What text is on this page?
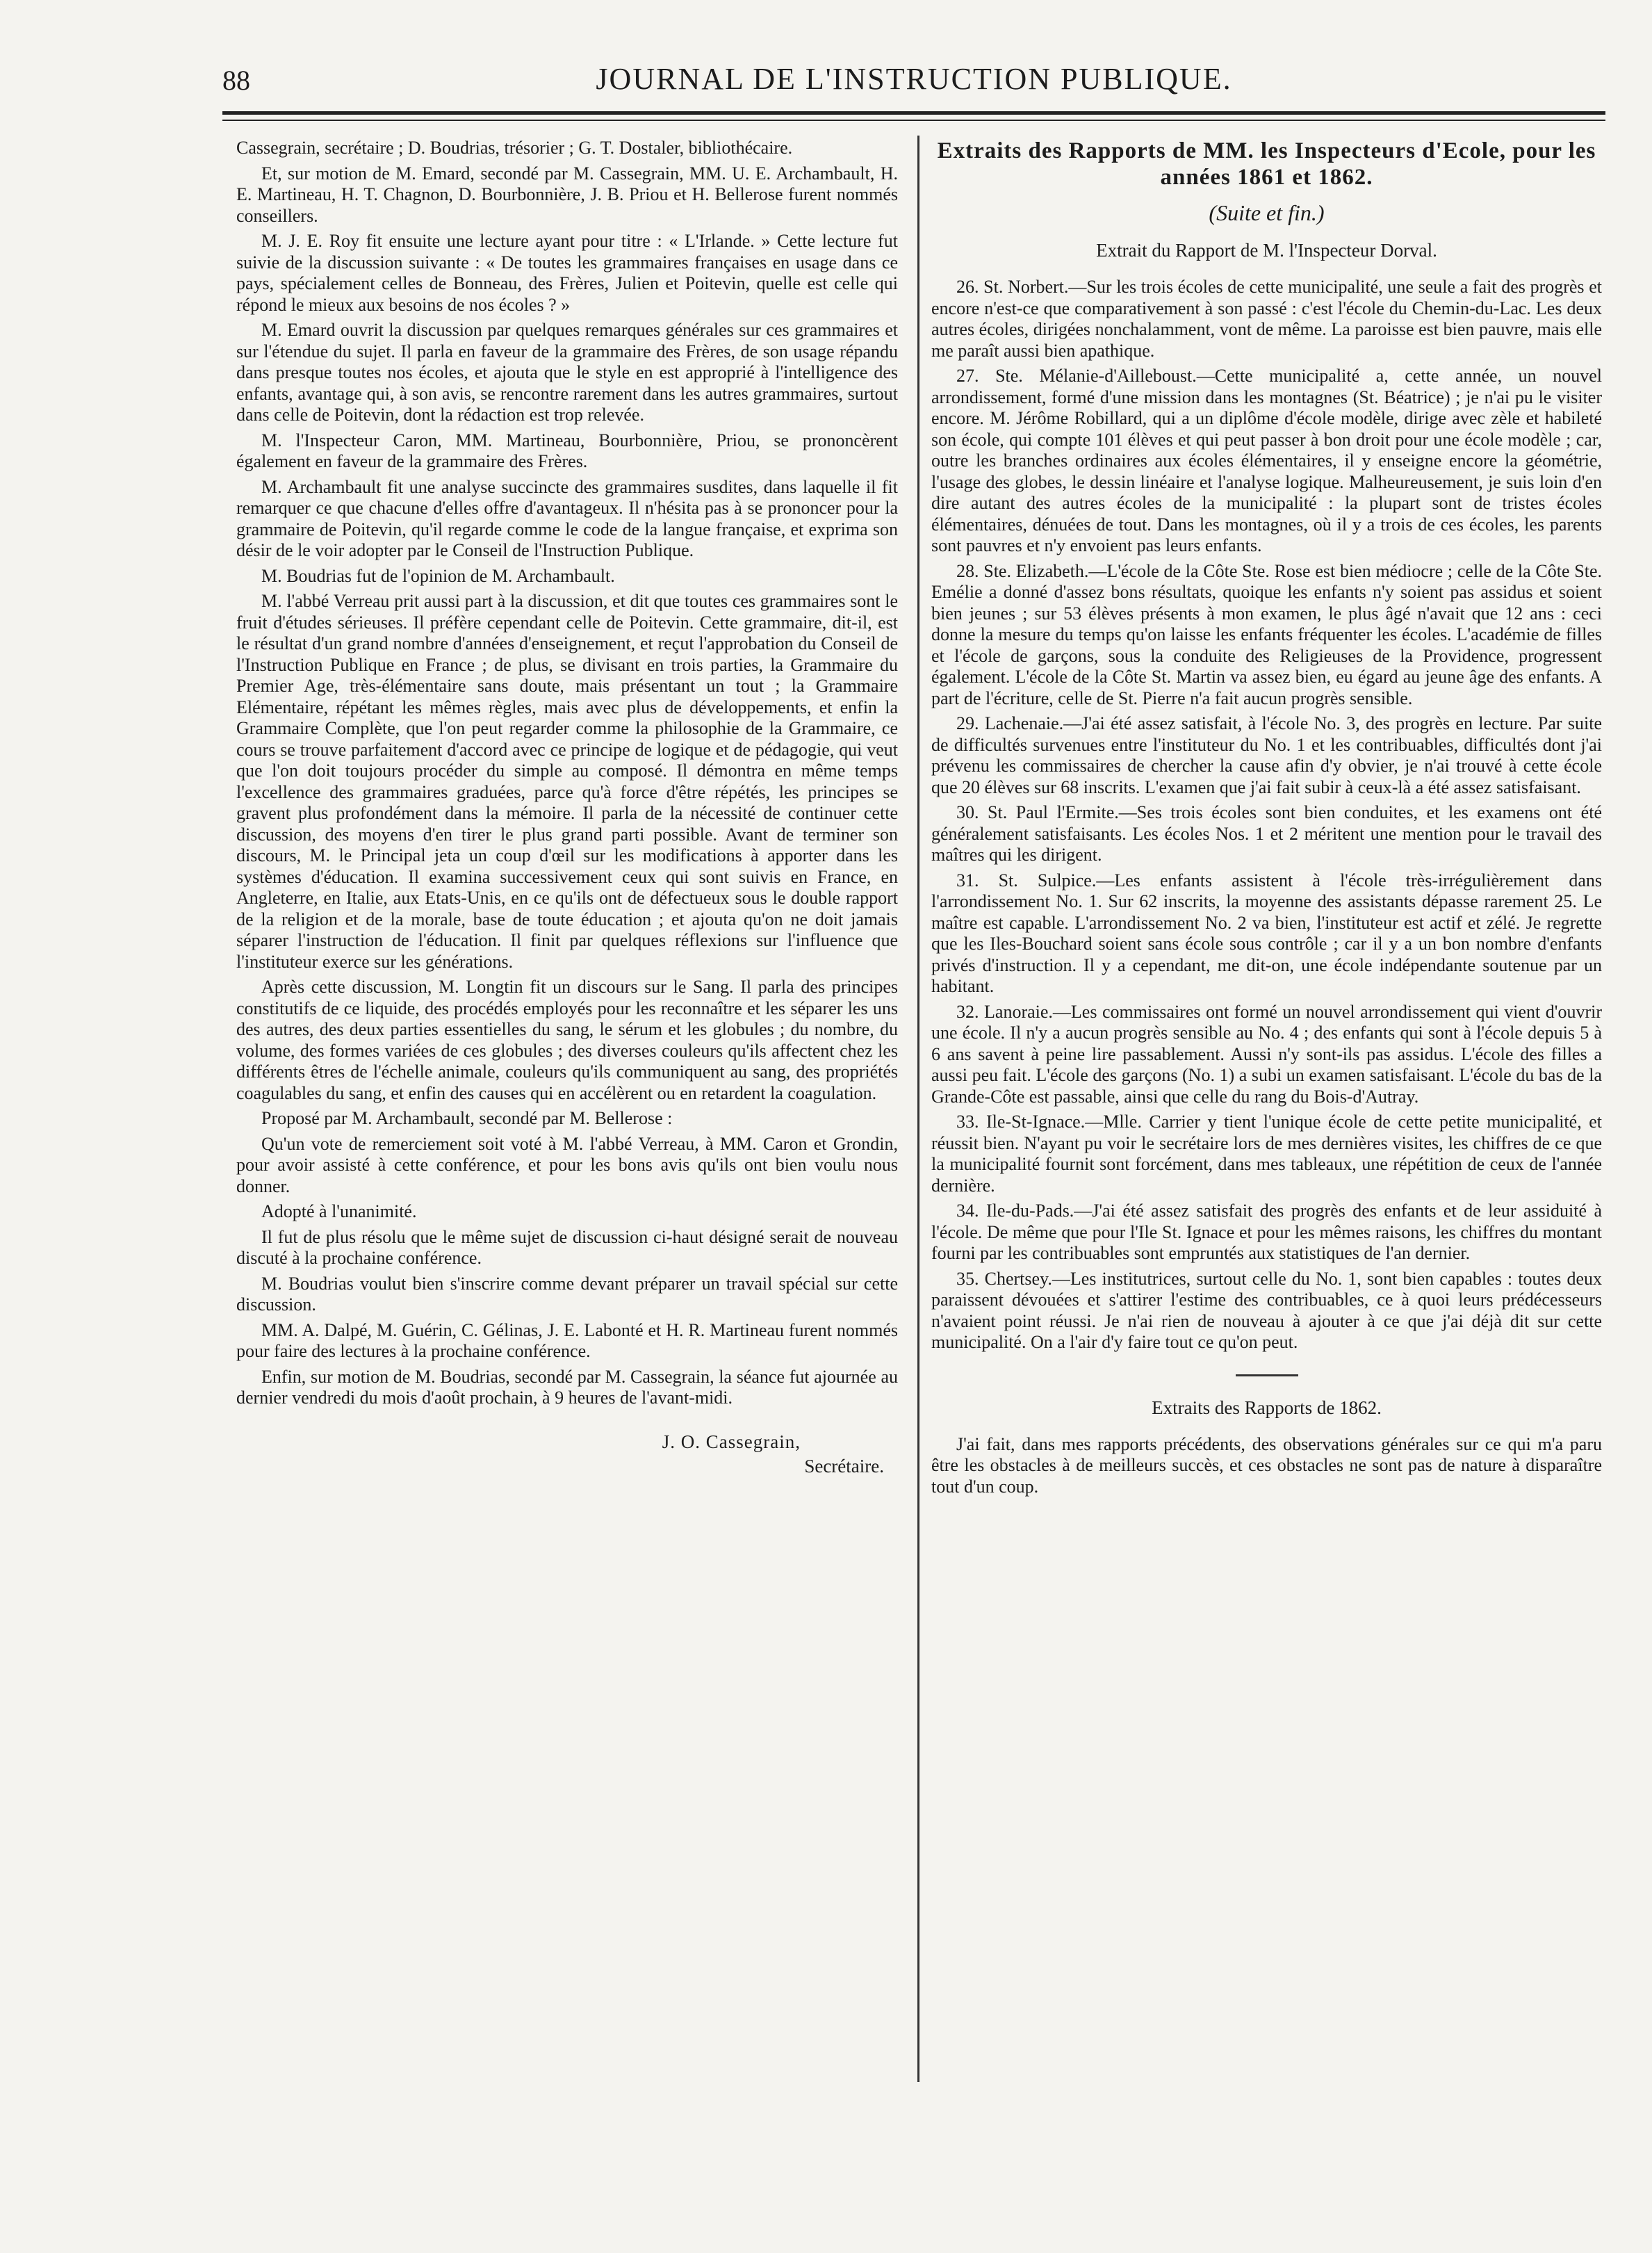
88	JOURNAL DE L'INSTRUCTION PUBLIQUE.

Cassegrain, secrétaire ; D. Boudrias, trésorier ; G. T. Dostaler, bibliothécaire.

Et, sur motion de M. Emard, secondé par M. Cassegrain, MM. U. E. Archambault, H. E. Martineau, H. T. Chagnon, D. Bourbonnière, J. B. Priou et H. Bellerose furent nommés conseillers.

M. J. E. Roy fit ensuite une lecture ayant pour titre : « L'Irlande. » Cette lecture fut suivie de la discussion suivante : « De toutes les grammaires françaises en usage dans ce pays, spécialement celles de Bonneau, des Frères, Julien et Poitevin, quelle est celle qui répond le mieux aux besoins de nos écoles ? »

M. Emard ouvrit la discussion par quelques remarques générales sur ces grammaires et sur l'étendue du sujet. Il parla en faveur de la grammaire des Frères, de son usage répandu dans presque toutes nos écoles, et ajouta que le style en est approprié à l'intelligence des enfants, avantage qui, à son avis, se rencontre rarement dans les autres grammaires, surtout dans celle de Poitevin, dont la rédaction est trop relevée.

M. l'Inspecteur Caron, MM. Martineau, Bourbonnière, Priou, se prononcèrent également en faveur de la grammaire des Frères.

M. Archambault fit une analyse succincte des grammaires susdites, dans laquelle il fit remarquer ce que chacune d'elles offre d'avantageux. Il n'hésita pas à se prononcer pour la grammaire de Poitevin, qu'il regarde comme le code de la langue française, et exprima son désir de le voir adopter par le Conseil de l'Instruction Publique.

M. Boudrias fut de l'opinion de M. Archambault.

M. l'abbé Verreau prit aussi part à la discussion, et dit que toutes ces grammaires sont le fruit d'études sérieuses. Il préfère cependant celle de Poitevin. Cette grammaire, dit-il, est le résultat d'un grand nombre d'années d'enseignement, et reçut l'approbation du Conseil de l'Instruction Publique en France ; de plus, se divisant en trois parties, la Grammaire du Premier Age, très-élémentaire sans doute, mais présentant un tout ; la Grammaire Elémentaire, répétant les mêmes règles, mais avec plus de développements, et enfin la Grammaire Complète, que l'on peut regarder comme la philosophie de la Grammaire, ce cours se trouve parfaitement d'accord avec ce principe de logique et de pédagogie, qui veut que l'on doit toujours procéder du simple au composé. Il démontra en même temps l'excellence des grammaires graduées, parce qu'à force d'être répétés, les principes se gravent plus profondément dans la mémoire. Il parla de la nécessité de continuer cette discussion, des moyens d'en tirer le plus grand parti possible. Avant de terminer son discours, M. le Principal jeta un coup d'œil sur les modifications à apporter dans les systèmes d'éducation. Il examina successivement ceux qui sont suivis en France, en Angleterre, en Italie, aux Etats-Unis, en ce qu'ils ont de défectueux sous le double rapport de la religion et de la morale, base de toute éducation ; et ajouta qu'on ne doit jamais séparer l'instruction de l'éducation. Il finit par quelques réflexions sur l'influence que l'instituteur exerce sur les générations.

Après cette discussion, M. Longtin fit un discours sur le Sang. Il parla des principes constitutifs de ce liquide, des procédés employés pour les reconnaître et les séparer les uns des autres, des deux parties essentielles du sang, le sérum et les globules ; du nombre, du volume, des formes variées de ces globules ; des diverses couleurs qu'ils affectent chez les différents êtres de l'échelle animale, couleurs qu'ils communiquent au sang, des propriétés coagulables du sang, et enfin des causes qui en accélèrent ou en retardent la coagulation.

Proposé par M. Archambault, secondé par M. Bellerose :

Qu'un vote de remerciement soit voté à M. l'abbé Verreau, à MM. Caron et Grondin, pour avoir assisté à cette conférence, et pour les bons avis qu'ils ont bien voulu nous donner.

Adopté à l'unanimité.

Il fut de plus résolu que le même sujet de discussion ci-haut désigné serait de nouveau discuté à la prochaine conférence.

M. Boudrias voulut bien s'inscrire comme devant préparer un travail spécial sur cette discussion.

MM. A. Dalpé, M. Guérin, C. Gélinas, J. E. Labonté et H. R. Martineau furent nommés pour faire des lectures à la prochaine conférence.

Enfin, sur motion de M. Boudrias, secondé par M. Cassegrain, la séance fut ajournée au dernier vendredi du mois d'août prochain, à 9 heures de l'avant-midi.

J. O. Cassegrain,
Secrétaire.
Extraits des Rapports de MM. les Inspecteurs d'Ecole, pour les années 1861 et 1862.
(Suite et fin.)
Extrait du Rapport de M. l'Inspecteur Dorval.

26. St. Norbert.—Sur les trois écoles de cette municipalité, une seule a fait des progrès et encore n'est-ce que comparativement à son passé : c'est l'école du Chemin-du-Lac. Les deux autres écoles, dirigées nonchalamment, vont de même. La paroisse est bien pauvre, mais elle me paraît aussi bien apathique.

27. Ste. Mélanie-d'Ailleboust.—Cette municipalité a, cette année, un nouvel arrondissement, formé d'une mission dans les montagnes (St. Béatrice) ; je n'ai pu le visiter encore. M. Jérôme Robillard, qui a un diplôme d'école modèle, dirige avec zèle et habileté son école, qui compte 101 élèves et qui peut passer à bon droit pour une école modèle ; car, outre les branches ordinaires aux écoles élémentaires, il y enseigne encore la géométrie, l'usage des globes, le dessin linéaire et l'analyse logique. Malheureusement, je suis loin d'en dire autant des autres écoles de la municipalité : la plupart sont de tristes écoles élémentaires, dénuées de tout. Dans les montagnes, où il y a trois de ces écoles, les parents sont pauvres et n'y envoient pas leurs enfants.

28. Ste. Elizabeth.—L'école de la Côte Ste. Rose est bien médiocre ; celle de la Côte Ste. Emélie a donné d'assez bons résultats, quoique les enfants n'y soient pas assidus et soient bien jeunes ; sur 53 élèves présents à mon examen, le plus âgé n'avait que 12 ans : ceci donne la mesure du temps qu'on laisse les enfants fréquenter les écoles. L'académie de filles et l'école de garçons, sous la conduite des Religieuses de la Providence, progressent également. L'école de la Côte St. Martin va assez bien, eu égard au jeune âge des enfants. A part de l'écriture, celle de St. Pierre n'a fait aucun progrès sensible.

29. Lachenaie.—J'ai été assez satisfait, à l'école No. 3, des progrès en lecture. Par suite de difficultés survenues entre l'instituteur du No. 1 et les contribuables, difficultés dont j'ai prévenu les commissaires de chercher la cause afin d'y obvier, je n'ai trouvé à cette école que 20 élèves sur 68 inscrits. L'examen que j'ai fait subir à ceux-là a été assez satisfaisant.

30. St. Paul l'Ermite.—Ses trois écoles sont bien conduites, et les examens ont été généralement satisfaisants. Les écoles Nos. 1 et 2 méritent une mention pour le travail des maîtres qui les dirigent.

31. St. Sulpice.—Les enfants assistent à l'école très-irrégulièrement dans l'arrondissement No. 1. Sur 62 inscrits, la moyenne des assistants dépasse rarement 25. Le maître est capable. L'arrondissement No. 2 va bien, l'instituteur est actif et zélé. Je regrette que les Iles-Bouchard soient sans école sous contrôle ; car il y a un bon nombre d'enfants privés d'instruction. Il y a cependant, me dit-on, une école indépendante soutenue par un habitant.

32. Lanoraie.—Les commissaires ont formé un nouvel arrondissement qui vient d'ouvrir une école. Il n'y a aucun progrès sensible au No. 4 ; des enfants qui sont à l'école depuis 5 à 6 ans savent à peine lire passablement. Aussi n'y sont-ils pas assidus. L'école des filles a aussi peu fait. L'école des garçons (No. 1) a subi un examen satisfaisant. L'école du bas de la Grande-Côte est passable, ainsi que celle du rang du Bois-d'Autray.

33. Ile-St-Ignace.—Mlle. Carrier y tient l'unique école de cette petite municipalité, et réussit bien. N'ayant pu voir le secrétaire lors de mes dernières visites, les chiffres de ce que la municipalité fournit sont forcément, dans mes tableaux, une répétition de ceux de l'année dernière.

34. Ile-du-Pads.—J'ai été assez satisfait des progrès des enfants et de leur assiduité à l'école. De même que pour l'Ile St. Ignace et pour les mêmes raisons, les chiffres du montant fourni par les contribuables sont empruntés aux statistiques de l'an dernier.

35. Chertsey.—Les institutrices, surtout celle du No. 1, sont bien capables : toutes deux paraissent dévouées et s'attirer l'estime des contribuables, ce à quoi leurs prédécesseurs n'avaient point réussi. Je n'ai rien de nouveau à ajouter à ce que j'ai déjà dit sur cette municipalité. On a l'air d'y faire tout ce qu'on peut.

Extraits des Rapports de 1862.

J'ai fait, dans mes rapports précédents, des observations générales sur ce qui m'a paru être les obstacles à de meilleurs succès, et ces obstacles ne sont pas de nature à disparaître tout d'un coup.
